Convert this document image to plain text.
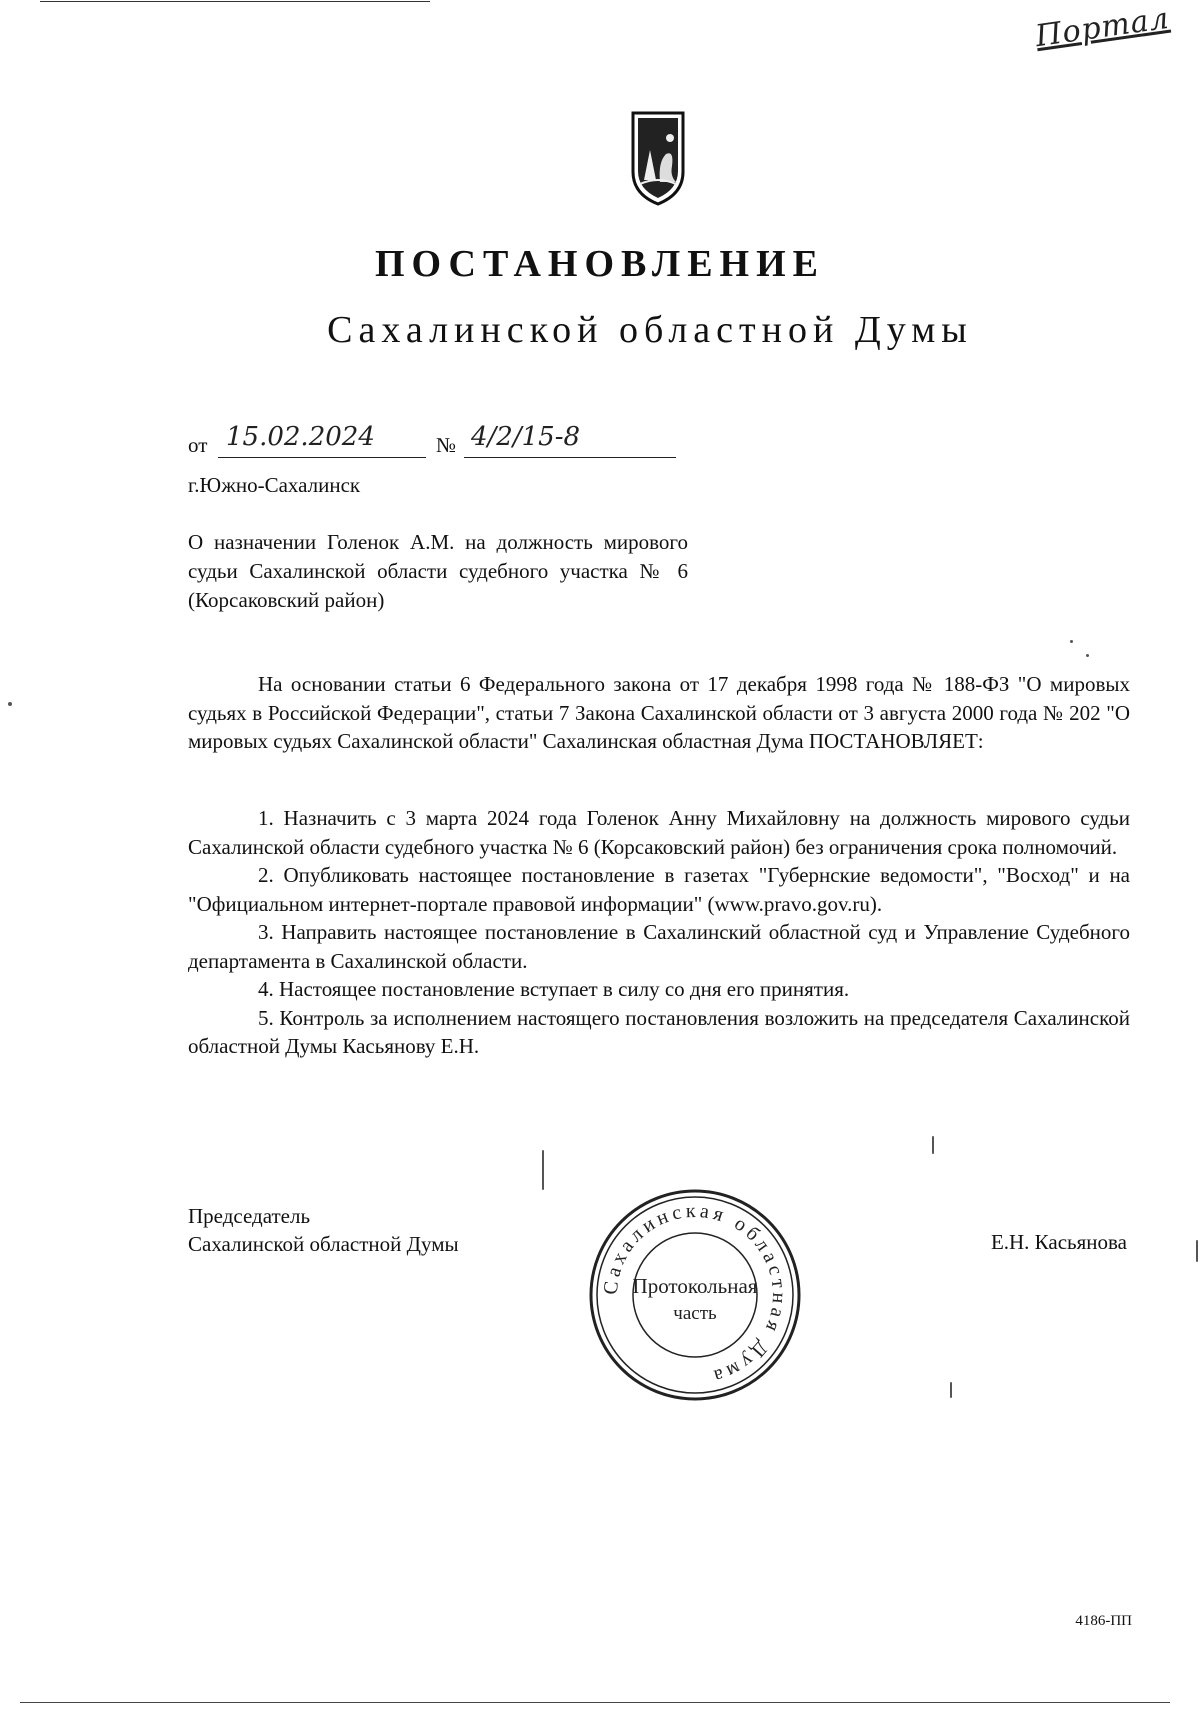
Портал
ПОСТАНОВЛЕНИЕ
Сахалинской областной Думы
от 15.02.2024	№ 4/2/15-8
г.Южно-Сахалинск
О назначении Голенок А.М. на должность мирового судьи Сахалинской области судебного участка № 6 (Корсаковский район)

На основании статьи 6 Федерального закона от 17 декабря 1998 года № 188-ФЗ "О мировых судьях в Российской Федерации", статьи 7 Закона Сахалинской области от 3 августа 2000 года № 202 "О мировых судьях Сахалинской области" Сахалинская областная Дума ПОСТАНОВЛЯЕТ:

1. Назначить с 3 марта 2024 года Голенок Анну Михайловну на должность мирового судьи Сахалинской области судебного участка № 6 (Корсаковский район) без ограничения срока полномочий.

2. Опубликовать настоящее постановление в газетах "Губернские ведомости", "Восход" и на "Официальном интернет-портале правовой информации" (www.pravo.gov.ru).

3. Направить настоящее постановление в Сахалинский областной суд и Управление Судебного департамента в Сахалинской области.

4. Настоящее постановление вступает в силу со дня его принятия.

5. Контроль за исполнением настоящего постановления возложить на председателя Сахалинской областной Думы Касьянову Е.Н.

Председатель
Сахалинской областной Думы	Е.Н. Касьянова
Сахалинская областная Дума
Протокольная
часть
4186-ПП
